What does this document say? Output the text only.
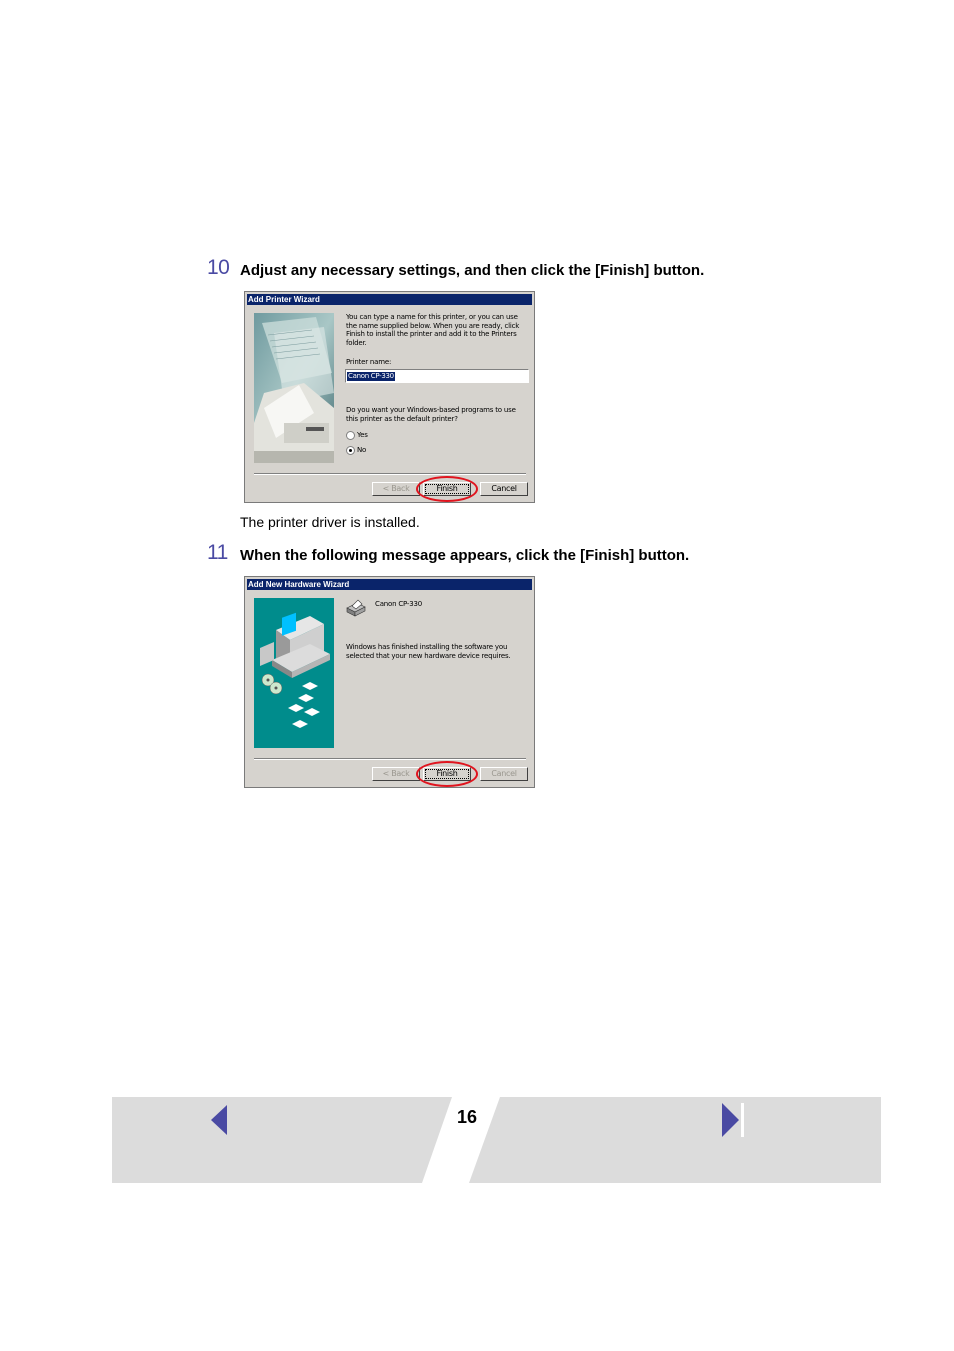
10 Adjust any necessary settings, and then click the [Finish] button.
Add Printer Wizard
You can type a name for this printer, or you can use the name supplied below. When you are ready, click Finish to install the printer and add it to the Printers folder.
Printer name:
Canon CP-330
Do you want your Windows-based programs to use this printer as the default printer?
Yes
No
< Back	Finish	Cancel
The printer driver is installed.
11 When the following message appears, click the [Finish] button.
Add New Hardware Wizard
Canon CP-330
Windows has finished installing the software you selected that your new hardware device requires.
< Back	Finish	Cancel
16
